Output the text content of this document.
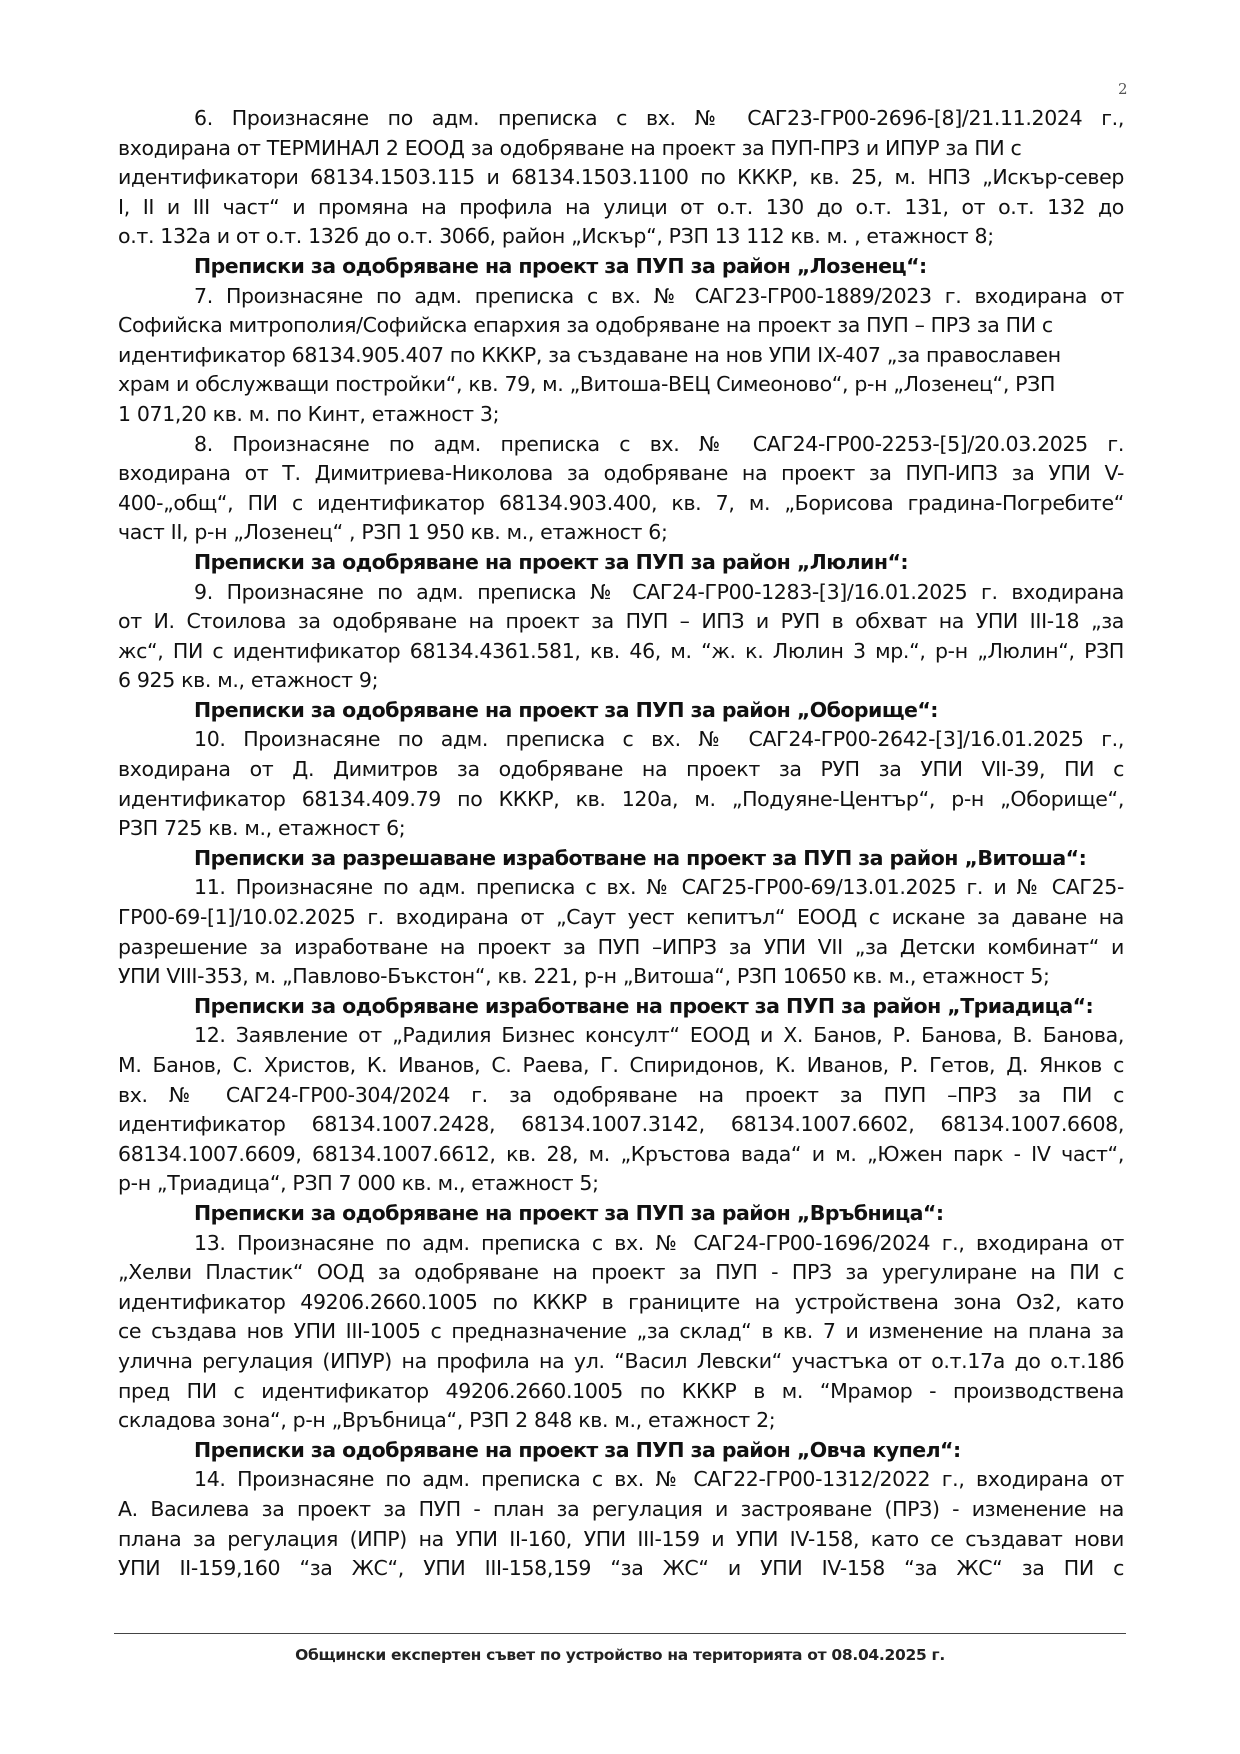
2
6. Произнасяне по адм. преписка с вх. № САГ23-ГР00-2696-[8]/21.11.2024 г.,
входирана от ТЕРМИНАЛ 2 ЕООД за одобряване на проект за ПУП-ПРЗ и ИПУР за ПИ с
идентификатори 68134.1503.115 и 68134.1503.1100 по КККР, кв. 25, м. НПЗ „Искър-север
I, II и III част“ и промяна на профила на улици от о.т. 130 до о.т. 131, от о.т. 132 до
о.т. 132а и от о.т. 132б до о.т. 306б, район „Искър“, РЗП 13 112 кв. м. , етажност 8;
Преписки за одобряване на проект за ПУП за район „Лозенец“:
7. Произнасяне по адм. преписка с вх. № САГ23-ГР00-1889/2023 г. входирана от
Софийска митрополия/Софийска епархия за одобряване на проект за ПУП – ПРЗ за ПИ с
идентификатор 68134.905.407 по КККР, за създаване на нов УПИ IX-407 „за православен
храм и обслужващи постройки“, кв. 79, м. „Витоша-ВЕЦ Симеоново“, р-н „Лозенец“, РЗП
1 071,20 кв. м. по Кинт, етажност 3;
8. Произнасяне по адм. преписка с вх. № САГ24-ГР00-2253-[5]/20.03.2025 г.
входирана от Т. Димитриева-Николова за одобряване на проект за ПУП-ИПЗ за УПИ V-
400-„общ“, ПИ с идентификатор 68134.903.400, кв. 7, м. „Борисова градина-Погребите“
част II, р-н „Лозенец“ , РЗП 1 950 кв. м., етажност 6;
Преписки за одобряване на проект за ПУП за район „Люлин“:
9. Произнасяне по адм. преписка № САГ24-ГР00-1283-[3]/16.01.2025 г. входирана
от И. Стоилова за одобряване на проект за ПУП – ИПЗ и РУП в обхват на УПИ III-18 „за
жс“, ПИ с идентификатор 68134.4361.581, кв. 46, м. “ж. к. Люлин 3 мр.“, р-н „Люлин“, РЗП
6 925 кв. м., етажност 9;
Преписки за одобряване на проект за ПУП за район „Оборище“:
10. Произнасяне по адм. преписка с вх. № САГ24-ГР00-2642-[3]/16.01.2025 г.,
входирана от Д. Димитров за одобряване на проект за РУП за УПИ VII-39, ПИ с
идентификатор 68134.409.79 по КККР, кв. 120а, м. „Подуяне-Център“, р-н „Оборище“,
РЗП 725 кв. м., етажност 6;
Преписки за разрешаване изработване на проект за ПУП за район „Витоша“:
11. Произнасяне по адм. преписка с вх. № САГ25-ГР00-69/13.01.2025 г. и № САГ25-
ГР00-69-[1]/10.02.2025 г. входирана от „Саут уест кепитъл“ ЕООД с искане за даване на
разрешение за изработване на проект за ПУП –ИПРЗ за УПИ VII „за Детски комбинат“ и
УПИ VIII-353, м. „Павлово-Бъкстон“, кв. 221, р-н „Витоша“, РЗП 10650 кв. м., етажност 5;
Преписки за одобряване изработване на проект за ПУП за район „Триадица“:
12. Заявление от „Радилия Бизнес консулт“ ЕООД и Х. Банов, Р. Банова, В. Банова,
М. Банов, С. Христов, К. Иванов, С. Раева, Г. Спиридонов, К. Иванов, Р. Гетов, Д. Янков с
вх. № САГ24-ГР00-304/2024 г. за одобряване на проект за ПУП –ПРЗ за ПИ с
идентификатор 68134.1007.2428, 68134.1007.3142, 68134.1007.6602, 68134.1007.6608,
68134.1007.6609, 68134.1007.6612, кв. 28, м. „Кръстова вада“ и м. „Южен парк - IV част“,
р-н „Триадица“, РЗП 7 000 кв. м., етажност 5;
Преписки за одобряване на проект за ПУП за район „Връбница“:
13. Произнасяне по адм. преписка с вх. № САГ24-ГР00-1696/2024 г., входирана от
„Хелви Пластик“ ООД за одобряване на проект за ПУП - ПРЗ за урегулиране на ПИ с
идентификатор 49206.2660.1005 по КККР в границите на устройствена зона Оз2, като
се създава нов УПИ III-1005 с предназначение „за склад“ в кв. 7 и изменение на плана за
улична регулация (ИПУР) на профила на ул. “Васил Левски“ участъка от о.т.17а до о.т.18б
пред ПИ с идентификатор 49206.2660.1005 по КККР в м. “Мрамор - производствена
складова зона“, р-н „Връбница“, РЗП 2 848 кв. м., етажност 2;
Преписки за одобряване на проект за ПУП за район „Овча купел“:
14. Произнасяне по адм. преписка с вх. № САГ22-ГР00-1312/2022 г., входирана от
А. Василева за проект за ПУП - план за регулация и застрояване (ПРЗ) - изменение на
плана за регулация (ИПР) на УПИ II-160, УПИ III-159 и УПИ IV-158, като се създават нови
УПИ II-159,160 “за ЖС“, УПИ III-158,159 “за ЖС“ и УПИ IV-158 “за ЖС“ за ПИ с
Общински експертен съвет по устройство на територията от 08.04.2025 г.
